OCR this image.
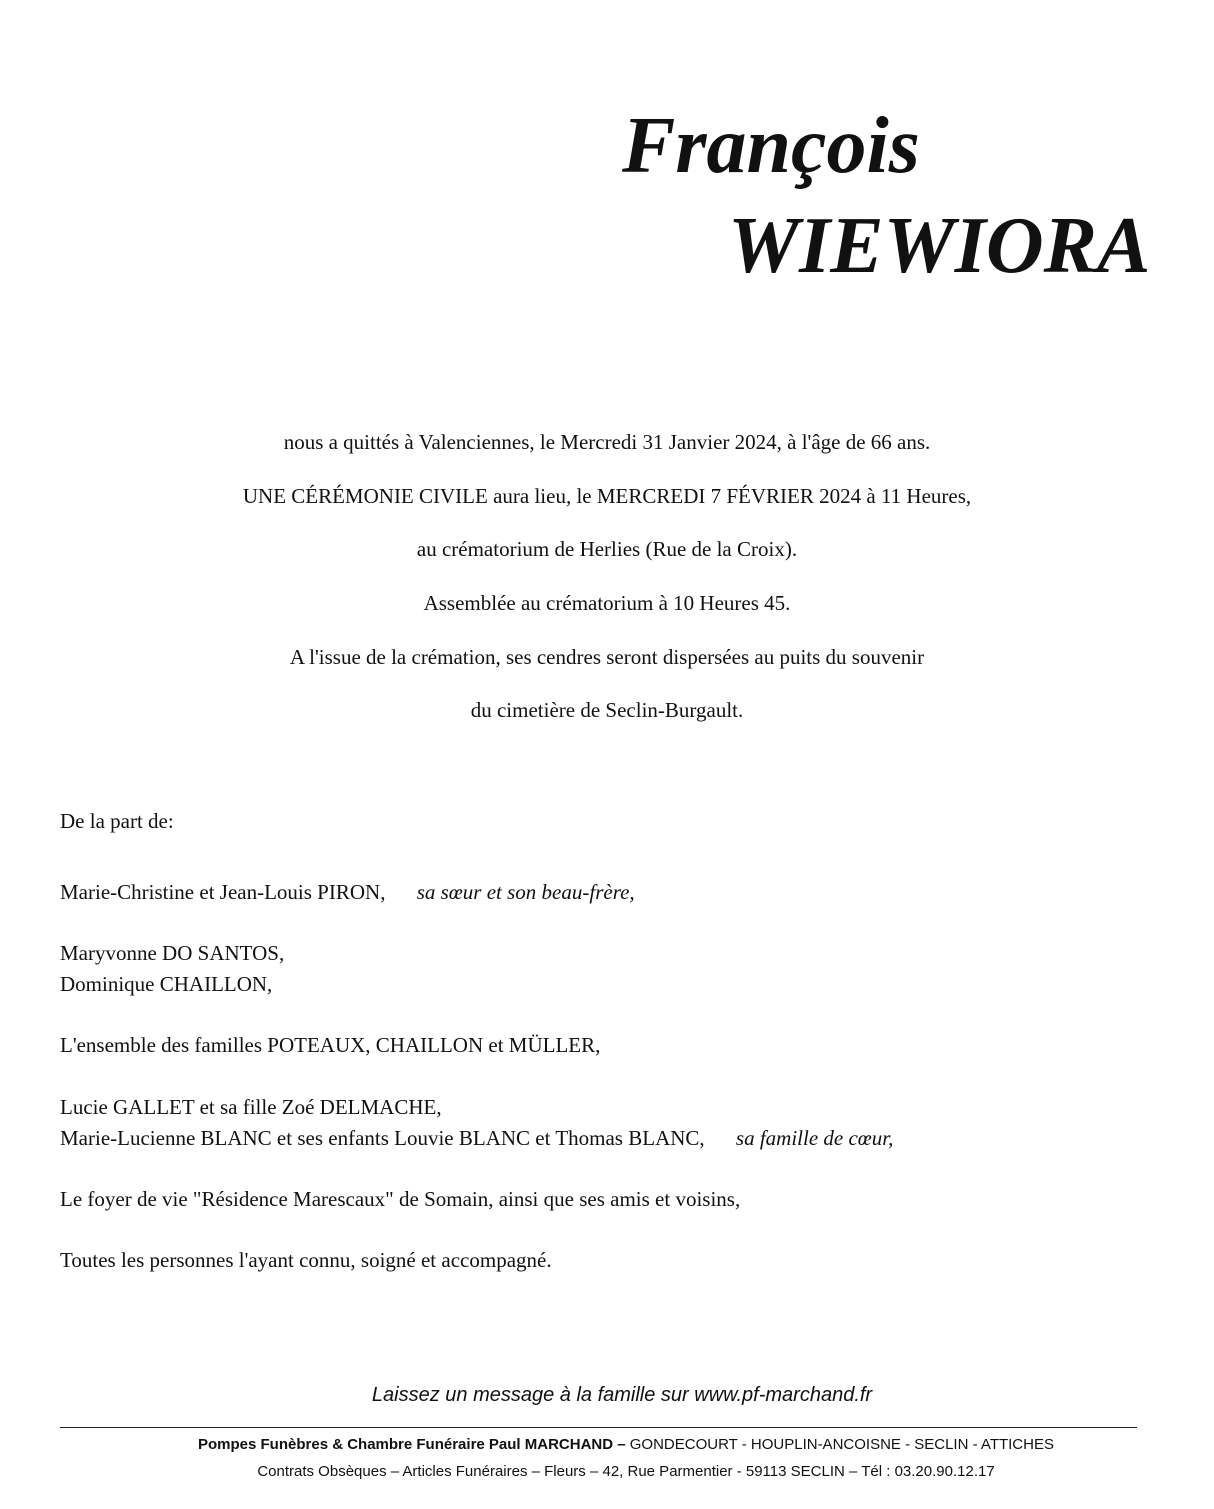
François
WIEWIORA
nous a quittés à Valenciennes, le Mercredi 31 Janvier 2024, à l'âge de 66 ans.
UNE CÉRÉMONIE CIVILE aura lieu, le MERCREDI 7 FÉVRIER 2024 à 11 Heures,
au crématorium de Herlies (Rue de la Croix).
Assemblée au crématorium à 10 Heures 45.
A l'issue de la crémation, ses cendres seront dispersées au puits du souvenir
du cimetière de Seclin-Burgault.
De la part de:
Marie-Christine et Jean-Louis PIRON, sa sœur et son beau-frère,
Maryvonne DO SANTOS,
Dominique CHAILLON,
L'ensemble des familles POTEAUX, CHAILLON et MÜLLER,
Lucie GALLET et sa fille Zoé DELMACHE,
Marie-Lucienne BLANC et ses enfants Louvie BLANC et Thomas BLANC, sa famille de cœur,
Le foyer de vie "Résidence Marescaux" de Somain, ainsi que ses amis et voisins,
Toutes les personnes l'ayant connu, soigné et accompagné.
Laissez un message à la famille sur www.pf-marchand.fr
Pompes Funèbres & Chambre Funéraire Paul MARCHAND – GONDECOURT - HOUPLIN-ANCOISNE - SECLIN - ATTICHES
Contrats Obsèques – Articles Funéraires – Fleurs – 42, Rue Parmentier - 59113 SECLIN – Tél : 03.20.90.12.17
